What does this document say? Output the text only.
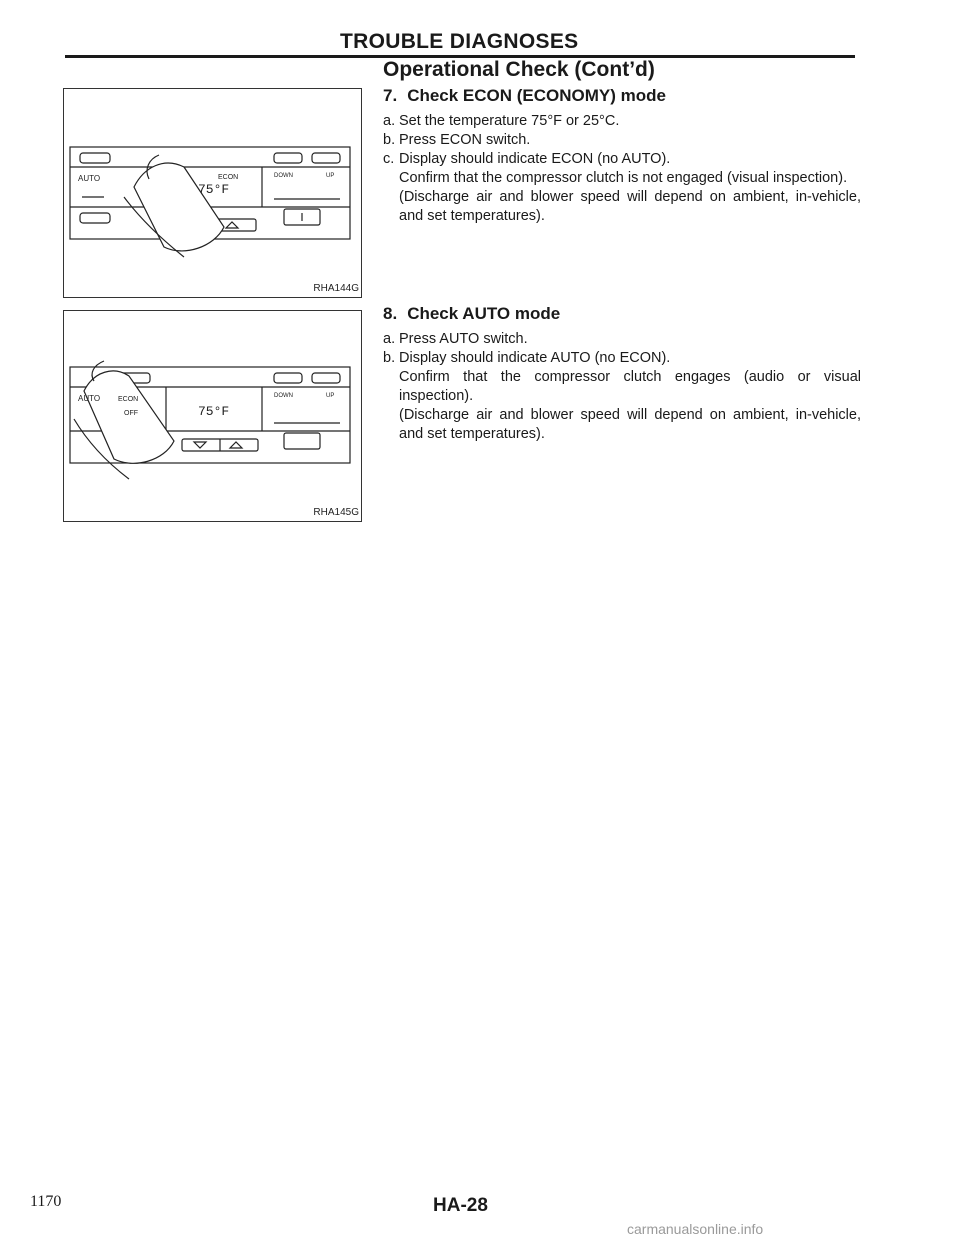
TROUBLE DIAGNOSES
Operational Check (Cont’d)
AUTO	ECON
75°F
DOWN	UP
RHA144G
AUTO	ECON
OFF	75°F
DOWN	UP
RHA145G
7. Check ECON (ECONOMY) mode
a. Set the temperature 75°F or 25°C.
b. Press ECON switch.
c. Display should indicate ECON (no AUTO).
Confirm that the compressor clutch is not engaged (visual inspection).
(Discharge air and blower speed will depend on ambient, in-vehicle, and set temperatures).
8. Check AUTO mode
a. Press AUTO switch.
b. Display should indicate AUTO (no ECON).
Confirm that the compressor clutch engages (audio or visual inspection).
(Discharge air and blower speed will depend on ambient, in-vehicle, and set temperatures).
1170	HA-28
carmanualsonline.info
